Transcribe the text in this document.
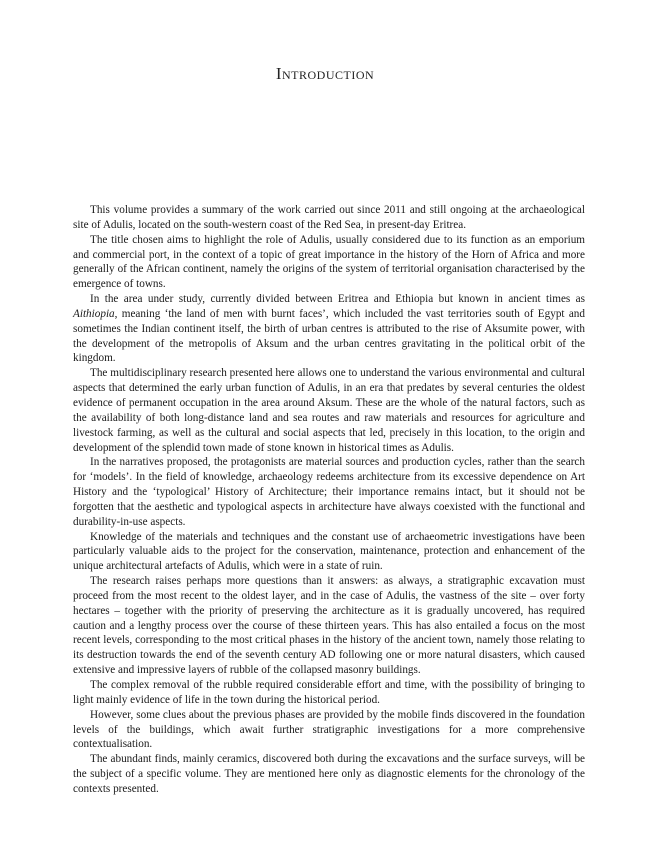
Introduction

This volume provides a summary of the work carried out since 2011 and still ongoing at the archaeological site of Adulis, located on the south-western coast of the Red Sea, in present-day Eritrea.

The title chosen aims to highlight the role of Adulis, usually considered due to its function as an emporium and commercial port, in the context of a topic of great importance in the history of the Horn of Africa and more generally of the African continent, namely the origins of the system of territorial organisation characterised by the emergence of towns.

In the area under study, currently divided between Eritrea and Ethiopia but known in ancient times as Aithiopia, meaning ‘the land of men with burnt faces’, which included the vast territories south of Egypt and sometimes the Indian continent itself, the birth of urban centres is attributed to the rise of Aksumite power, with the development of the metropolis of Aksum and the urban centres gravitating in the political orbit of the kingdom.

The multidisciplinary research presented here allows one to understand the various environmental and cultural aspects that determined the early urban function of Adulis, in an era that predates by several centuries the oldest evidence of permanent occupation in the area around Aksum. These are the whole of the natural factors, such as the availability of both long-distance land and sea routes and raw materials and resources for agriculture and livestock farming, as well as the cultural and social aspects that led, precisely in this location, to the origin and development of the splendid town made of stone known in historical times as Adulis.

In the narratives proposed, the protagonists are material sources and production cycles, rather than the search for ‘models’. In the field of knowledge, archaeology redeems architecture from its excessive dependence on Art History and the ‘typological’ History of Architecture; their importance remains intact, but it should not be forgotten that the aesthetic and typological aspects in architecture have always coexisted with the functional and durability-in-use aspects.

Knowledge of the materials and techniques and the constant use of archaeometric investigations have been particularly valuable aids to the project for the conservation, maintenance, protection and enhancement of the unique architectural artefacts of Adulis, which were in a state of ruin.

The research raises perhaps more questions than it answers: as always, a stratigraphic excavation must proceed from the most recent to the oldest layer, and in the case of Adulis, the vastness of the site – over forty hectares – together with the priority of preserving the architecture as it is gradually uncovered, has required caution and a lengthy process over the course of these thirteen years. This has also entailed a focus on the most recent levels, corresponding to the most critical phases in the history of the ancient town, namely those relating to its destruction towards the end of the seventh century AD following one or more natural disasters, which caused extensive and impressive layers of rubble of the collapsed masonry buildings.

The complex removal of the rubble required considerable effort and time, with the possibility of bringing to light mainly evidence of life in the town during the historical period.

However, some clues about the previous phases are provided by the mobile finds discovered in the foundation levels of the buildings, which await further stratigraphic investigations for a more comprehensive contextualisation.

The abundant finds, mainly ceramics, discovered both during the excavations and the surface surveys, will be the subject of a specific volume. They are mentioned here only as diagnostic elements for the chronology of the contexts presented.
